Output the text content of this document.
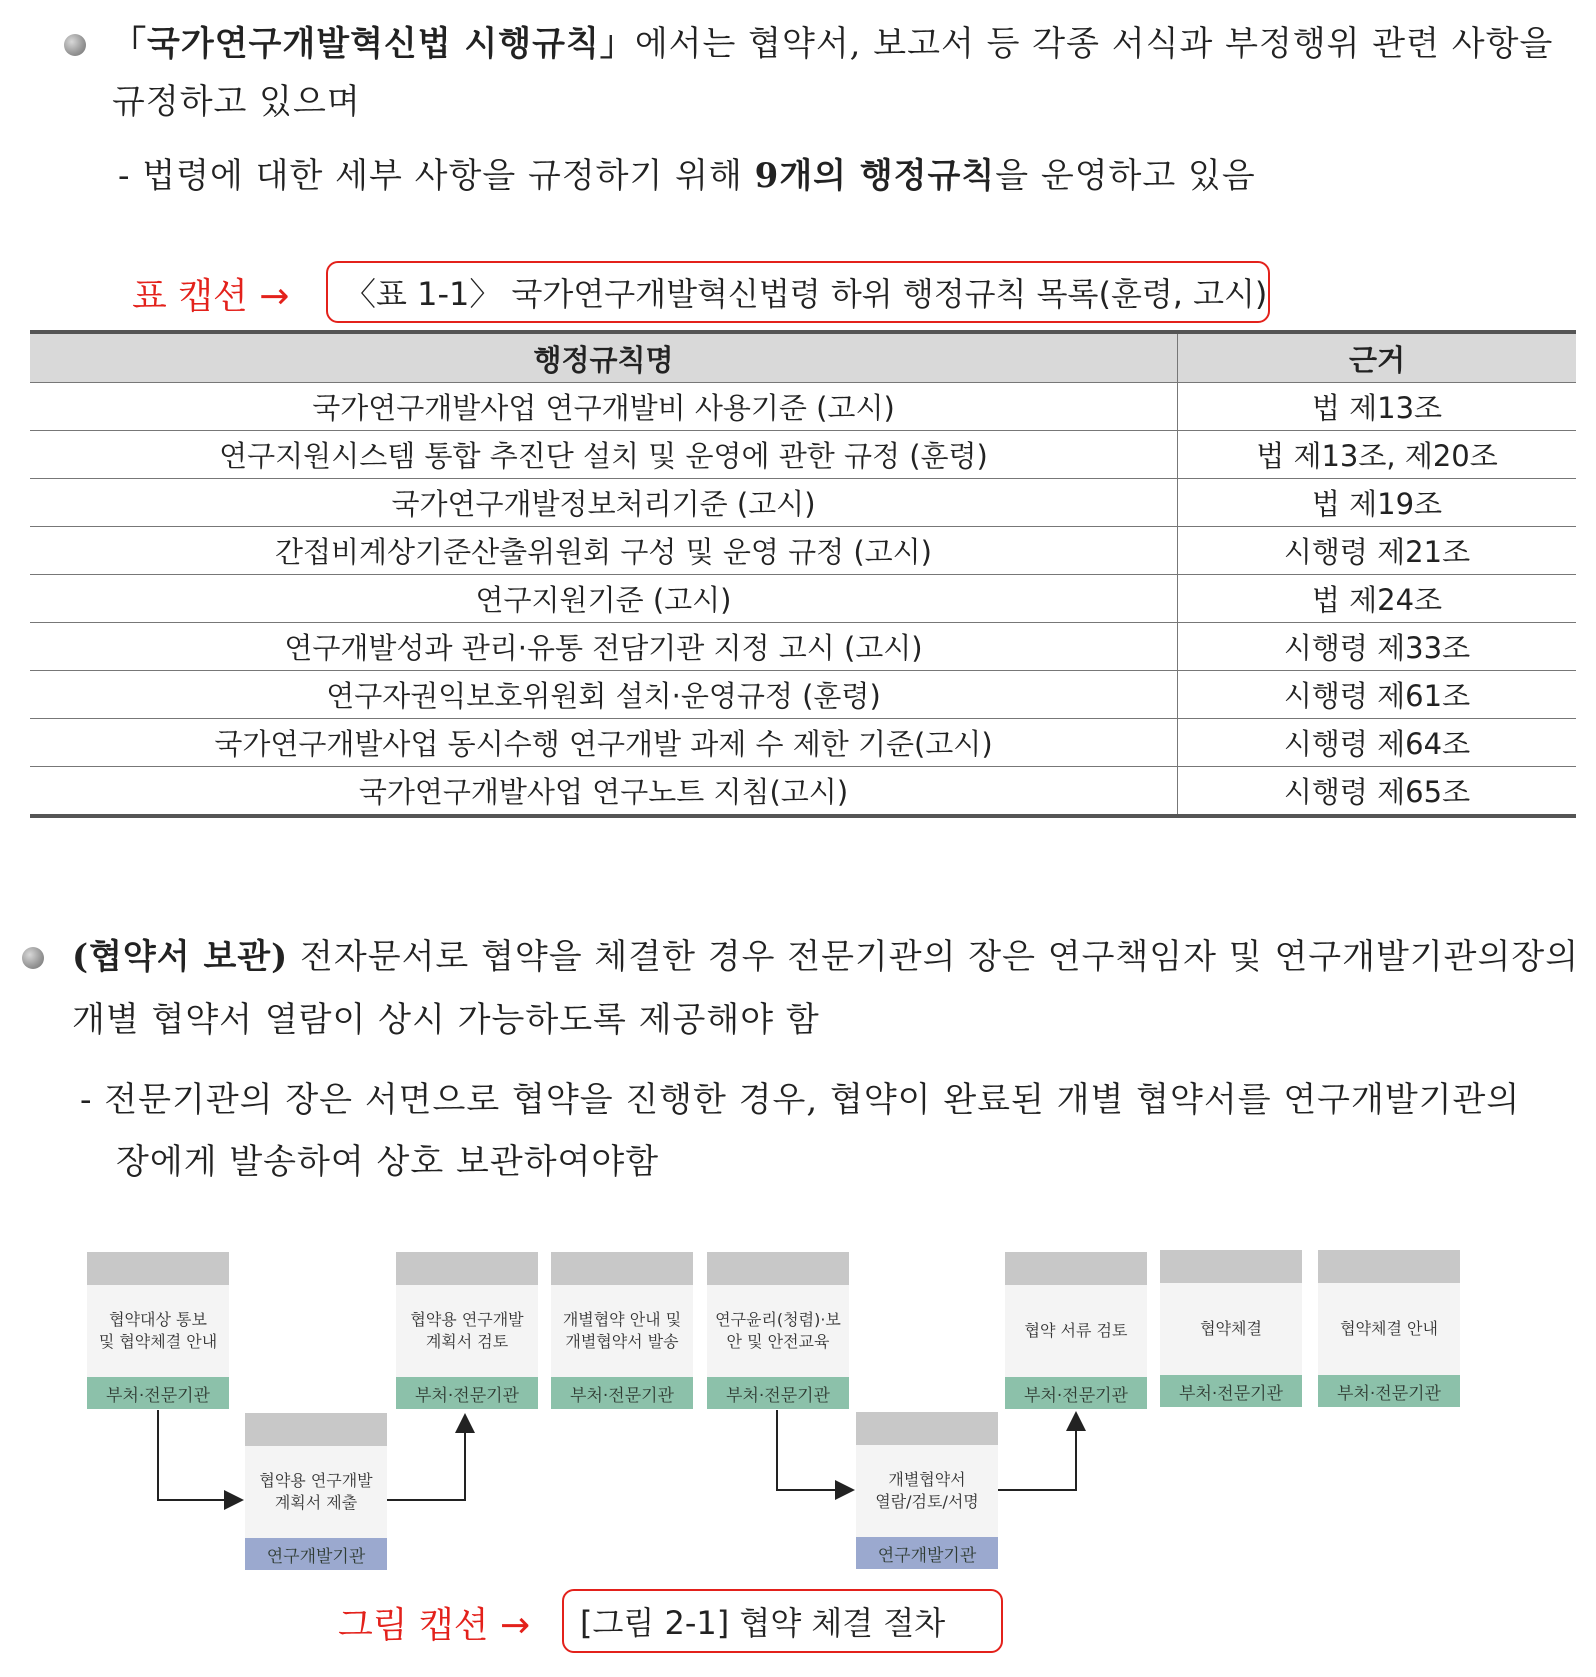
「국가연구개발혁신법 시행규칙」에서는 협약서, 보고서 등 각종 서식과 부정행위 관련 사항을
규정하고 있으며
- 법령에 대한 세부 사항을 규정하기 위해 9개의 행정규칙을 운영하고 있음
표 캡션 →	〈표 1-1〉 국가연구개발혁신법령 하위 행정규칙 목록(훈령, 고시)
행정규칙명	근거
국가연구개발사업 연구개발비 사용기준 (고시)	법 제13조
연구지원시스템 통합 추진단 설치 및 운영에 관한 규정 (훈령)	법 제13조, 제20조
국가연구개발정보처리기준 (고시)	법 제19조
간접비계상기준산출위원회 구성 및 운영 규정 (고시)	시행령 제21조
연구지원기준 (고시)	법 제24조
연구개발성과 관리·유통 전담기관 지정 고시 (고시)	시행령 제33조
연구자권익보호위원회 설치·운영규정 (훈령)	시행령 제61조
국가연구개발사업 동시수행 연구개발 과제 수 제한 기준(고시)	시행령 제64조
국가연구개발사업 연구노트 지침(고시)	시행령 제65조
(협약서 보관) 전자문서로 협약을 체결한 경우 전문기관의 장은 연구책임자 및 연구개발기관의장의
개별 협약서 열람이 상시 가능하도록 제공해야 함
- 전문기관의 장은 서면으로 협약을 진행한 경우, 협약이 완료된 개별 협약서를 연구개발기관의
장에게 발송하여 상호 보관하여야함
협약대상 통보
및 협약체결 안내
부처·전문기관
협약용 연구개발
계획서 제출
연구개발기관
협약용 연구개발
계획서 검토
부처·전문기관
개별협약 안내 및
개별협약서 발송
부처·전문기관
연구윤리(청렴)·보
안 및 안전교육
부처·전문기관
개별협약서
열람/검토/서명
연구개발기관
협약 서류 검토
부처·전문기관
협약체결
부처·전문기관
협약체결 안내
부처·전문기관
그림 캡션 →	[그림 2-1] 협약 체결 절차
